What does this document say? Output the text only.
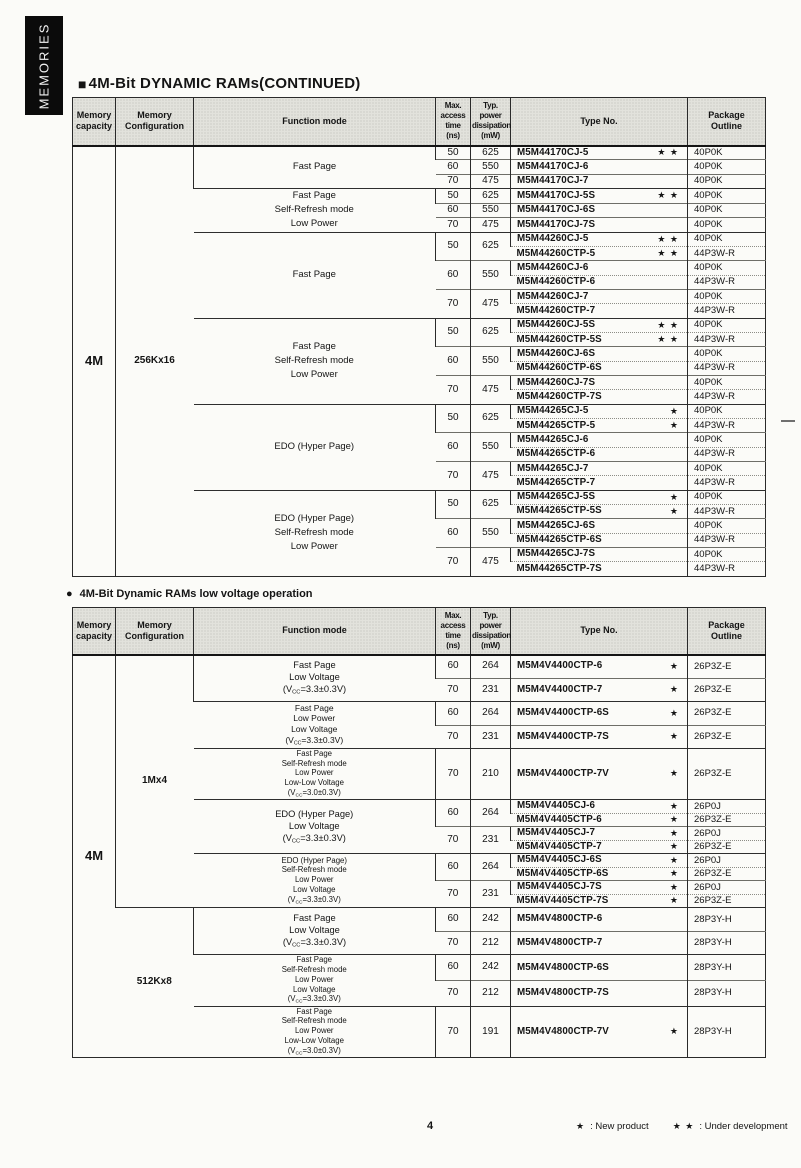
MEMORIES ■ 4M-Bit DYNAMIC RAMs(CONTINUED)
Memory
capacity	Memory
Configuration	Function mode	Max.
access
time
(ns)	Typ.
power
dissipation
(mW)	Type No.	Package
Outline
4M	256Kx16	Fast Page	50	625	M5M44170CJ-5 ★ ★	40P0K
			60	550	M5M44170CJ-6	40P0K
			70	475	M5M44170CJ-7	40P0K
		Fast Page
Self-Refresh mode
Low Power	50	625	M5M44170CJ-5S ★ ★	40P0K
			60	550	M5M44170CJ-6S	40P0K
			70	475	M5M44170CJ-7S	40P0K
		Fast Page	50	625	M5M44260CJ-5 ★ ★	40P0K

					M5M44260CTP-5 ★ ★	44P3W-R
			60	550	M5M44260CJ-6	40P0K

					M5M44260CTP-6	44P3W-R
			70	475	M5M44260CJ-7	40P0K

					M5M44260CTP-7	44P3W-R
		Fast Page
Self-Refresh mode
Low Power	50	625	M5M44260CJ-5S ★ ★	40P0K

					M5M44260CTP-5S ★ ★	44P3W-R
			60	550	M5M44260CJ-6S	40P0K

					M5M44260CTP-6S	44P3W-R
			70	475	M5M44260CJ-7S	40P0K

					M5M44260CTP-7S	44P3W-R
		EDO (Hyper Page)	50	625	M5M44265CJ-5 ★	40P0K

					M5M44265CTP-5 ★	44P3W-R
			60	550	M5M44265CJ-6	40P0K

					M5M44265CTP-6	44P3W-R
			70	475	M5M44265CJ-7	40P0K

					M5M44265CTP-7	44P3W-R
		EDO (Hyper Page)
Self-Refresh mode
Low Power	50	625	M5M44265CJ-5S ★	40P0K

					M5M44265CTP-5S ★	44P3W-R
			60	550	M5M44265CJ-6S	40P0K

					M5M44265CTP-6S	44P3W-R
			70	475	M5M44265CJ-7S	40P0K

					M5M44265CTP-7S	44P3W-R
● 4M-Bit Dynamic RAMs low voltage operation
Memory
capacity	Memory
Configuration	Function mode	Max.
access
time
(ns)	Typ.
power
dissipation
(mW)	Type No.	Package
Outline
4M	1Mx4	Fast Page
Low Voltage
$(V_{CC}=3.3\pm 0.3V)$	60	264	M5M4V4400CTP-6 ★	26P3Z-E
			70	231	M5M4V4400CTP-7 ★	26P3Z-E
		Fast Page
Low Power
Low Voltage
$(V_{CC}=3.3\pm 0.3V)$	60	264	M5M4V4400CTP-6S ★	26P3Z-E
			70	231	M5M4V4400CTP-7S ★	26P3Z-E
		Fast Page
Self-Refresh mode
Low Power
Low-Low Voltage
$(V_{CC}=3.0\pm 0.3V)$	70	210	M5M4V4400CTP-7V ★	26P3Z-E
		EDO (Hyper Page)
Low Voltage
$(V_{CC}=3.3\pm 0.3V)$	60	264	M5M4V4405CJ-6 ★	26P0J

					M5M4V4405CTP-6 ★	26P3Z-E
			70	231	M5M4V4405CJ-7 ★	26P0J

					M5M4V4405CTP-7 ★	26P3Z-E
		EDO (Hyper Page)
Self-Refresh mode
Low Power
Low Voltage
$(V_{CC}=3.3\pm 0.3V)$	60	264	M5M4V4405CJ-6S ★	26P0J

					M5M4V4405CTP-6S ★	26P3Z-E
			70	231	M5M4V4405CJ-7S ★	26P0J

					M5M4V4405CTP-7S ★	26P3Z-E
	512Kx8	Fast Page
Low Voltage
$(V_{CC}=3.3\pm 0.3V)$	60	242	M5M4V4800CTP-6	28P3Y-H
			70	212	M5M4V4800CTP-7	28P3Y-H
		Fast Page
Self-Refresh mode
Low Power
Low Voltage
$(V_{CC}=3.3\pm 0.3V)$	60	242	M5M4V4800CTP-6S	28P3Y-H
			70	212	M5M4V4800CTP-7S	28P3Y-H
		Fast Page
Self-Refresh mode
Low Power
Low-Low Voltage
$(V_{CC}=3.0\pm 0.3V)$	70	191	M5M4V4800CTP-7V ★	28P3Y-H
4	★ : New product	★ ★ : Under development
